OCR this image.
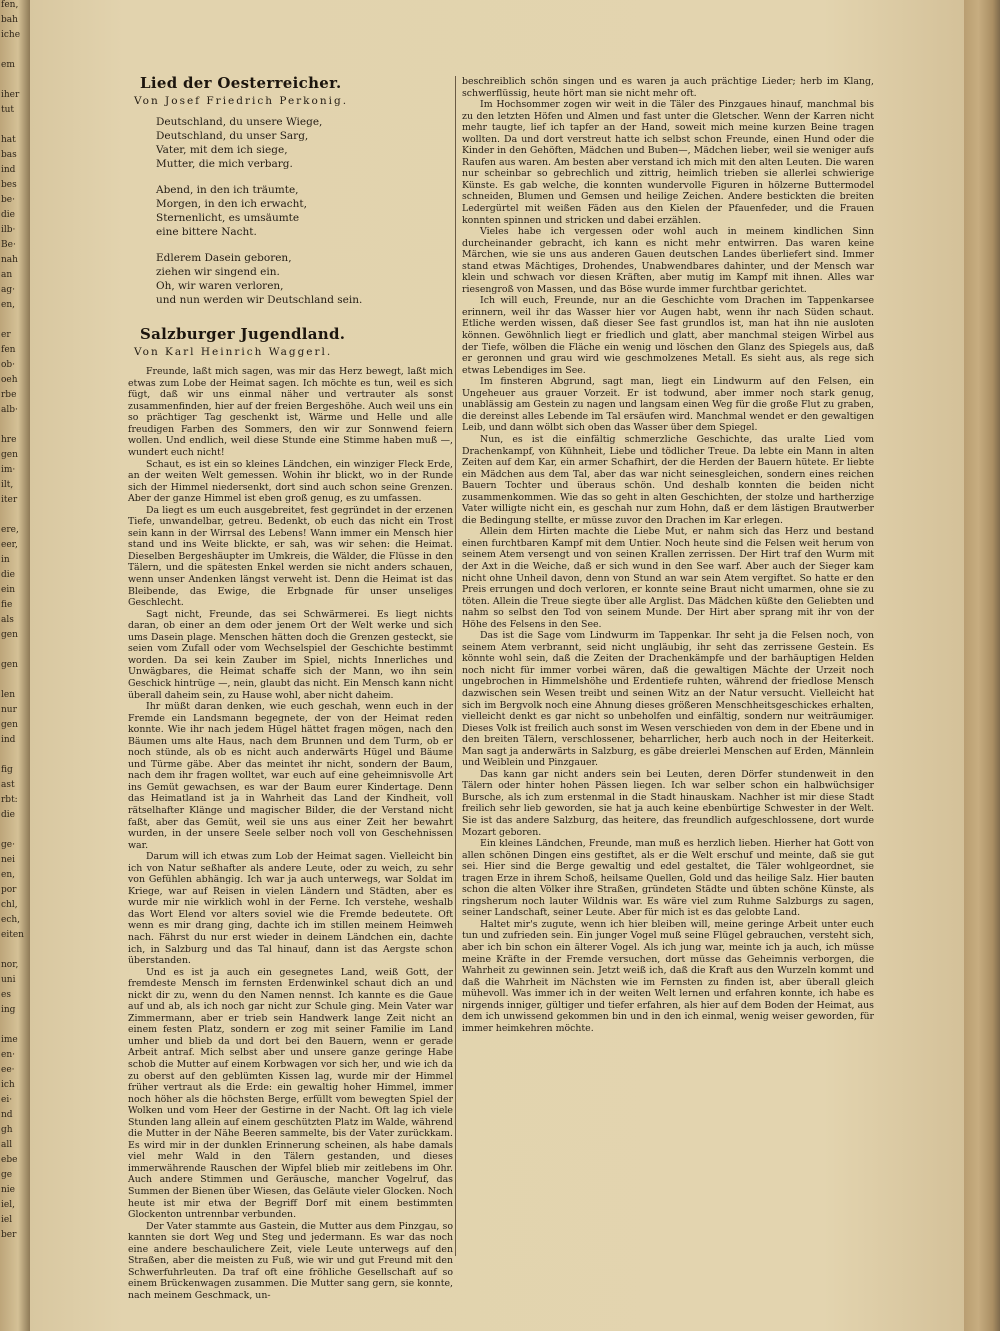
fen,
bah
iche
em
iher
tut
hat
bas
ind
bes
be·
die
ilb·
Be·
nah
an
ag·
en,
er
fen
ob·
oeh
rbe
alb·
hre
gen
im·
ilt,
iter
ere,
eer,
in
die
ein
fie
als
gen
gen
len
nur
gen
ind
fig
ast
rbt:
die
ge·
nei
en,
por
chl,
ech,
eiten
nor,
uni
es
ing
ime
en·
ee·
ich
ei·
nd
gh
all
ebe
ge
nie
iel,
iel
ber
Lied der Oesterreicher.
Von Josef Friedrich Perkonig.
Deutschland, du unsere Wiege,
Deutschland, du unser Sarg,
Vater, mit dem ich siege,
Mutter, die mich verbarg.
Abend, in den ich träumte,
Morgen, in den ich erwacht,
Sternenlicht, es umsäumte
eine bittere Nacht.
Edlerem Dasein geboren,
ziehen wir singend ein.
Oh, wir waren verloren,
und nun werden wir Deutschland sein.
Salzburger Jugendland.
Von Karl Heinrich Waggerl.

Freunde, laßt mich sagen, was mir das Herz bewegt, laßt mich etwas zum Lobe der Heimat sagen. Ich möchte es tun, weil es sich fügt, daß wir uns einmal näher und vertrauter als sonst zusammenfinden, hier auf der freien Bergeshöhe. Auch weil uns ein so prächtiger Tag geschenkt ist, Wärme und Helle und alle freudigen Farben des Sommers, den wir zur Sonnwend feiern wollen. Und endlich, weil diese Stunde eine Stimme haben muß —, wundert euch nicht!

Schaut, es ist ein so kleines Ländchen, ein winziger Fleck Erde, an der weiten Welt gemessen. Wohin ihr blickt, wo in der Runde sich der Himmel niedersenkt, dort sind auch schon seine Grenzen. Aber der ganze Himmel ist eben groß genug, es zu umfassen.

Da liegt es um euch ausgebreitet, fest gegründet in der erzenen Tiefe, unwandelbar, getreu. Bedenkt, ob euch das nicht ein Trost sein kann in der Wirrsal des Lebens! Wann immer ein Mensch hier stand und ins Weite blickte, er sah, was wir sehen: die Heimat. Dieselben Bergeshäupter im Umkreis, die Wälder, die Flüsse in den Tälern, und die spätesten Enkel werden sie nicht anders schauen, wenn unser Andenken längst verweht ist. Denn die Heimat ist das Bleibende, das Ewige, die Erbgnade für unser unseliges Geschlecht.

Sagt nicht, Freunde, das sei Schwärmerei. Es liegt nichts daran, ob einer an dem oder jenem Ort der Welt werke und sich ums Dasein plage. Menschen hätten doch die Grenzen gesteckt, sie seien vom Zufall oder vom Wechselspiel der Geschichte bestimmt worden. Da sei kein Zauber im Spiel, nichts Innerliches und Unwägbares, die Heimat schaffe sich der Mann, wo ihn sein Geschick hintrüge —, nein, glaubt das nicht. Ein Mensch kann nicht überall daheim sein, zu Hause wohl, aber nicht daheim.

Ihr müßt daran denken, wie euch geschah, wenn euch in der Fremde ein Landsmann begegnete, der von der Heimat reden konnte. Wie ihr nach jedem Hügel hättet fragen mögen, nach den Bäumen ums alte Haus, nach dem Brunnen und dem Turm, ob er noch stünde, als ob es nicht auch anderwärts Hügel und Bäume und Türme gäbe. Aber das meintet ihr nicht, sondern der Baum, nach dem ihr fragen wolltet, war euch auf eine geheimnisvolle Art ins Gemüt gewachsen, es war der Baum eurer Kindertage. Denn das Heimatland ist ja in Wahrheit das Land der Kindheit, voll rätselhafter Klänge und magischer Bilder, die der Verstand nicht faßt, aber das Gemüt, weil sie uns aus einer Zeit her bewahrt wurden, in der unsere Seele selber noch voll von Geschehnissen war.

Darum will ich etwas zum Lob der Heimat sagen. Vielleicht bin ich von Natur seßhafter als andere Leute, oder zu weich, zu sehr von Gefühlen abhängig. Ich war ja auch unterwegs, war Soldat im Kriege, war auf Reisen in vielen Ländern und Städten, aber es wurde mir nie wirklich wohl in der Ferne. Ich verstehe, weshalb das Wort Elend vor alters soviel wie die Fremde bedeutete. Oft wenn es mir drang ging, dachte ich im stillen meinem Heimweh nach. Fährst du nur erst wieder in deinem Ländchen ein, dachte ich, in Salzburg und das Tal hinauf, dann ist das Aergste schon überstanden.

Und es ist ja auch ein gesegnetes Land, weiß Gott, der fremdeste Mensch im fernsten Erdenwinkel schaut dich an und nickt dir zu, wenn du den Namen nennst. Ich kannte es die Gaue auf und ab, als ich noch gar nicht zur Schule ging. Mein Vater war Zimmermann, aber er trieb sein Handwerk lange Zeit nicht an einem festen Platz, sondern er zog mit seiner Familie im Land umher und blieb da und dort bei den Bauern, wenn er gerade Arbeit antraf. Mich selbst aber und unsere ganze geringe Habe schob die Mutter auf einem Korbwagen vor sich her, und wie ich da zu oberst auf den geblümten Kissen lag, wurde mir der Himmel früher vertraut als die Erde: ein gewaltig hoher Himmel, immer noch höher als die höchsten Berge, erfüllt vom bewegten Spiel der Wolken und vom Heer der Gestirne in der Nacht. Oft lag ich viele Stunden lang allein auf einem geschützten Platz im Walde, während die Mutter in der Nähe Beeren sammelte, bis der Vater zurückkam. Es wird mir in der dunklen Erinnerung scheinen, als habe damals viel mehr Wald in den Tälern gestanden, und dieses immerwährende Rauschen der Wipfel blieb mir zeitlebens im Ohr. Auch andere Stimmen und Geräusche, mancher Vogelruf, das Summen der Bienen über Wiesen, das Geläute vieler Glocken. Noch heute ist mir etwa der Begriff Dorf mit einem bestimmten Glockenton untrennbar verbunden.

Der Vater stammte aus Gastein, die Mutter aus dem Pinzgau, so kannten sie dort Weg und Steg und jedermann. Es war das noch eine andere beschaulichere Zeit, viele Leute unterwegs auf den Straßen, aber die meisten zu Fuß, wie wir und gut Freund mit den Schwerfuhrleuten. Da traf oft eine fröhliche Gesellschaft auf so einem Brückenwagen zusammen. Die Mutter sang gern, sie konnte, nach meinem Geschmack, un-

beschreiblich schön singen und es waren ja auch prächtige Lieder; herb im Klang, schwerflüssig, heute hört man sie nicht mehr oft.

Im Hochsommer zogen wir weit in die Täler des Pinzgaues hinauf, manchmal bis zu den letzten Höfen und Almen und fast unter die Gletscher. Wenn der Karren nicht mehr taugte, lief ich tapfer an der Hand, soweit mich meine kurzen Beine tragen wollten. Da und dort verstreut hatte ich selbst schon Freunde, einen Hund oder die Kinder in den Gehöften, Mädchen und Buben—, Mädchen lieber, weil sie weniger aufs Raufen aus waren. Am besten aber verstand ich mich mit den alten Leuten. Die waren nur scheinbar so gebrechlich und zittrig, heimlich trieben sie allerlei schwierige Künste. Es gab welche, die konnten wundervolle Figuren in hölzerne Buttermodel schneiden, Blumen und Gemsen und heilige Zeichen. Andere bestickten die breiten Ledergürtel mit weißen Fäden aus den Kielen der Pfauenfeder, und die Frauen konnten spinnen und stricken und dabei erzählen.

Vieles habe ich vergessen oder wohl auch in meinem kindlichen Sinn durcheinander gebracht, ich kann es nicht mehr entwirren. Das waren keine Märchen, wie sie uns aus anderen Gauen deutschen Landes überliefert sind. Immer stand etwas Mächtiges, Drohendes, Unabwendbares dahinter, und der Mensch war klein und schwach vor diesen Kräften, aber mutig im Kampf mit ihnen. Alles war riesengroß von Massen, und das Böse wurde immer furchtbar gerichtet.

Ich will euch, Freunde, nur an die Geschichte vom Drachen im Tappenkarsee erinnern, weil ihr das Wasser hier vor Augen habt, wenn ihr nach Süden schaut. Etliche werden wissen, daß dieser See fast grundlos ist, man hat ihn nie ausloten können. Gewöhnlich liegt er friedlich und glatt, aber manchmal steigen Wirbel aus der Tiefe, wölben die Fläche ein wenig und löschen den Glanz des Spiegels aus, daß er geronnen und grau wird wie geschmolzenes Metall. Es sieht aus, als rege sich etwas Lebendiges im See.

Im finsteren Abgrund, sagt man, liegt ein Lindwurm auf den Felsen, ein Ungeheuer aus grauer Vorzeit. Er ist todwund, aber immer noch stark genug, unablässig am Gestein zu nagen und langsam einen Weg für die große Flut zu graben, die dereinst alles Lebende im Tal ersäufen wird. Manchmal wendet er den gewaltigen Leib, und dann wölbt sich oben das Wasser über dem Spiegel.

Nun, es ist die einfältig schmerzliche Geschichte, das uralte Lied vom Drachenkampf, von Kühnheit, Liebe und tödlicher Treue. Da lebte ein Mann in alten Zeiten auf dem Kar, ein armer Schafhirt, der die Herden der Bauern hütete. Er liebte ein Mädchen aus dem Tal, aber das war nicht seinesgleichen, sondern eines reichen Bauern Tochter und überaus schön. Und deshalb konnten die beiden nicht zusammenkommen. Wie das so geht in alten Geschichten, der stolze und hartherzige Vater willigte nicht ein, es geschah nur zum Hohn, daß er dem lästigen Brautwerber die Bedingung stellte, er müsse zuvor den Drachen im Kar erlegen.

Allein dem Hirten machte die Liebe Mut, er nahm sich das Herz und bestand einen furchtbaren Kampf mit dem Untier. Noch heute sind die Felsen weit herum von seinem Atem versengt und von seinen Krallen zerrissen. Der Hirt traf den Wurm mit der Axt in die Weiche, daß er sich wund in den See warf. Aber auch der Sieger kam nicht ohne Unheil davon, denn von Stund an war sein Atem vergiftet. So hatte er den Preis errungen und doch verloren, er konnte seine Braut nicht umarmen, ohne sie zu töten. Allein die Treue siegte über alle Arglist. Das Mädchen küßte den Geliebten und nahm so selbst den Tod von seinem Munde. Der Hirt aber sprang mit ihr von der Höhe des Felsens in den See.

Das ist die Sage vom Lindwurm im Tappenkar. Ihr seht ja die Felsen noch, von seinem Atem verbrannt, seid nicht ungläubig, ihr seht das zerrissene Gestein. Es könnte wohl sein, daß die Zeiten der Drachenkämpfe und der barhäuptigen Helden noch nicht für immer vorbei wären, daß die gewaltigen Mächte der Urzeit noch ungebrochen in Himmelshöhe und Erdentiefe ruhten, während der friedlose Mensch dazwischen sein Wesen treibt und seinen Witz an der Natur versucht. Vielleicht hat sich im Bergvolk noch eine Ahnung dieses größeren Menschheitsgeschickes erhalten, vielleicht denkt es gar nicht so unbeholfen und einfältig, sondern nur weiträumiger. Dieses Volk ist freilich auch sonst im Wesen verschieden von dem in der Ebene und in den breiten Tälern, verschlossener, beharrlicher, herb auch noch in der Heiterkeit. Man sagt ja anderwärts in Salzburg, es gäbe dreierlei Menschen auf Erden, Männlein und Weiblein und Pinzgauer.

Das kann gar nicht anders sein bei Leuten, deren Dörfer stundenweit in den Tälern oder hinter hohen Pässen liegen. Ich war selber schon ein halbwüchsiger Bursche, als ich zum erstenmal in die Stadt hinauskam. Nachher ist mir diese Stadt freilich sehr lieb geworden, sie hat ja auch keine ebenbürtige Schwester in der Welt. Sie ist das andere Salzburg, das heitere, das freundlich aufgeschlossene, dort wurde Mozart geboren.

Ein kleines Ländchen, Freunde, man muß es herzlich lieben. Hierher hat Gott von allen schönen Dingen eins gestiftet, als er die Welt erschuf und meinte, daß sie gut sei. Hier sind die Berge gewaltig und edel gestaltet, die Täler wohlgeordnet, sie tragen Erze in ihrem Schoß, heilsame Quellen, Gold und das heilige Salz. Hier bauten schon die alten Völker ihre Straßen, gründeten Städte und übten schöne Künste, als ringsherum noch lauter Wildnis war. Es wäre viel zum Ruhme Salzburgs zu sagen, seiner Landschaft, seiner Leute. Aber für mich ist es das gelobte Land.

Haltet mir's zugute, wenn ich hier bleiben will, meine geringe Arbeit unter euch tun und zufrieden sein. Ein junger Vogel muß seine Flügel gebrauchen, versteht sich, aber ich bin schon ein älterer Vogel. Als ich jung war, meinte ich ja auch, ich müsse meine Kräfte in der Fremde versuchen, dort müsse das Geheimnis verborgen, die Wahrheit zu gewinnen sein. Jetzt weiß ich, daß die Kraft aus den Wurzeln kommt und daß die Wahrheit im Nächsten wie im Fernsten zu finden ist, aber überall gleich mühevoll. Was immer ich in der weiten Welt lernen und erfahren konnte, ich habe es nirgends inniger, gültiger und tiefer erfahren, als hier auf dem Boden der Heimat, aus dem ich unwissend gekommen bin und in den ich einmal, wenig weiser geworden, für immer heimkehren möchte.
